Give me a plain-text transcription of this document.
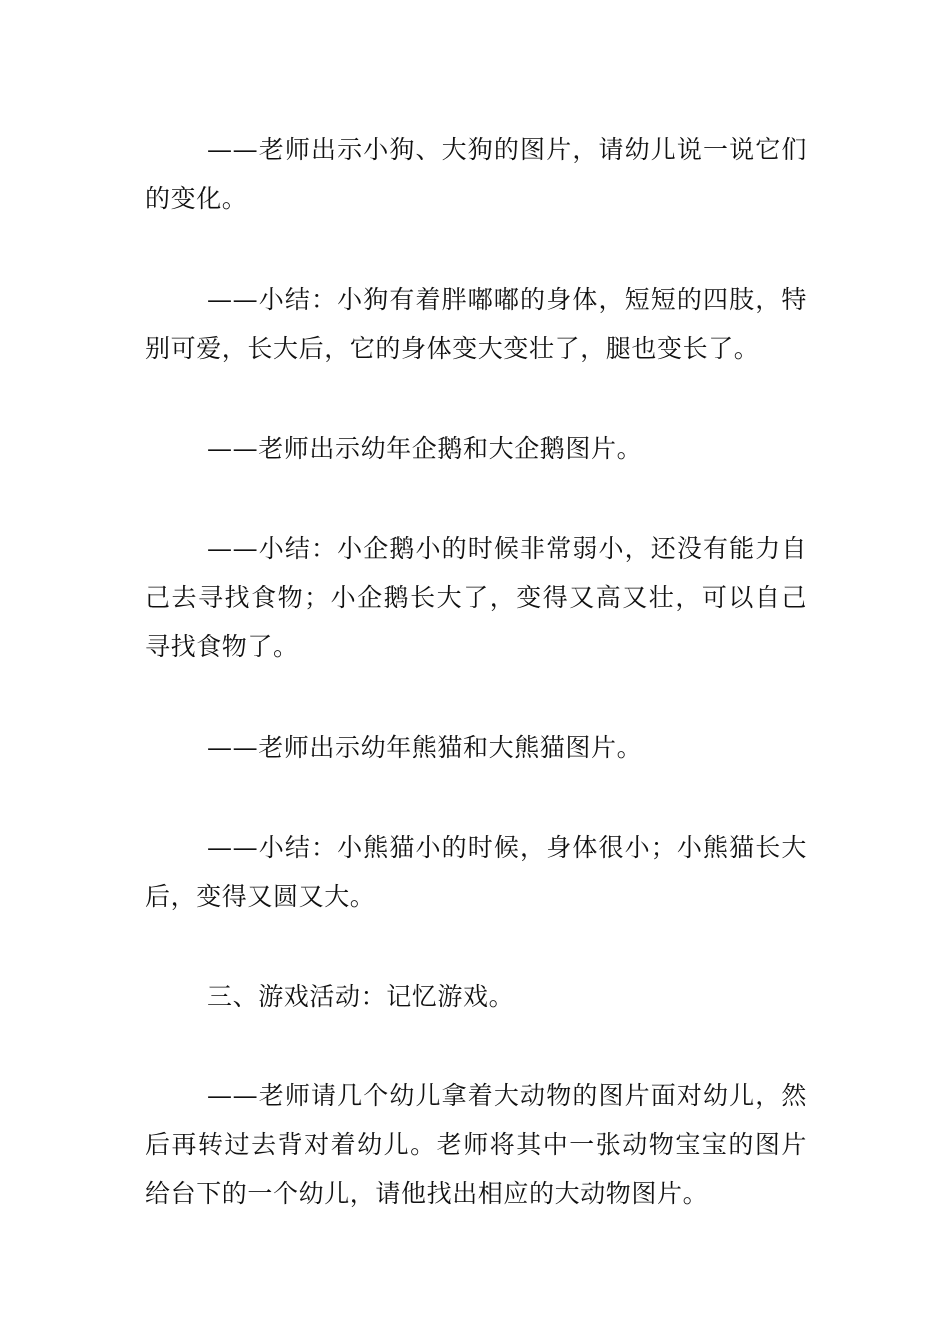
——老师出示小狗、大狗的图片，请幼儿说一说它们的变化。

——小结：小狗有着胖嘟嘟的身体，短短的四肢，特别可爱，长大后，它的身体变大变壮了，腿也变长了。

——老师出示幼年企鹅和大企鹅图片。

——小结：小企鹅小的时候非常弱小，还没有能力自己去寻找食物；小企鹅长大了，变得又高又壮，可以自己寻找食物了。

——老师出示幼年熊猫和大熊猫图片。

——小结：小熊猫小的时候，身体很小；小熊猫长大后，变得又圆又大。

三、游戏活动：记忆游戏。

——老师请几个幼儿拿着大动物的图片面对幼儿，然后再转过去背对着幼儿。老师将其中一张动物宝宝的图片给台下的一个幼儿，请他找出相应的大动物图片。
